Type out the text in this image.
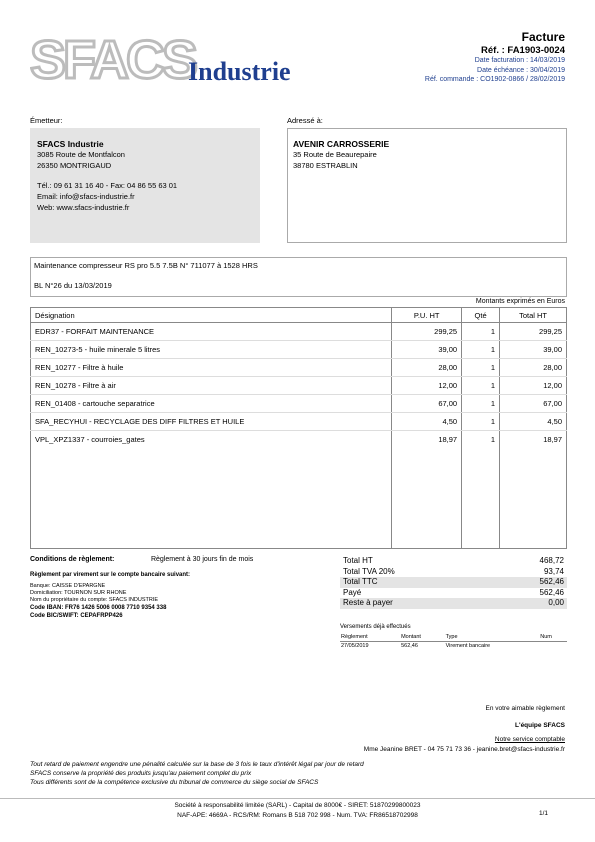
SFACS
Industrie
Facture
Réf. : FA1903-0024
Date facturation : 14/03/2019
Date échéance : 30/04/2019
Réf. commande : CO1902-0866 / 28/02/2019
Émetteur:	Adressé à:
SFACS Industrie
3085 Route de Montfalcon
26350 MONTRIGAUD
Tél.: 09 61 31 16 40 - Fax: 04 86 55 63 01
Email: info@sfacs-industrie.fr
Web: www.sfacs-industrie.fr
AVENIR CARROSSERIE
35 Route de Beaurepaire
38780 ESTRABLIN
Maintenance compresseur RS pro 5.5 7.5B N° 711077 à 1528 HRS
BL N°26 du 13/03/2019
Montants exprimés en Euros
Désignation	P.U. HT	Qté	Total HT
EDR37 - FORFAIT MAINTENANCE	299,25	1	299,25
REN_10273-5 - huile minerale 5 litres	39,00	1	39,00
REN_10277 - Filtre à huile	28,00	1	28,00
REN_10278 - Filtre à air	12,00	1	12,00
REN_01408 - cartouche separatrice	67,00	1	67,00
SFA_RECYHUI - RECYCLAGE DES DIFF FILTRES ET HUILE	4,50	1	4,50
VPL_XPZ1337 - courroies_gates	18,97	1	18,97

Conditions de règlement:	Règlement à 30 jours fin de mois
Règlement par virement sur le compte bancaire suivant:
Banque: CAISSE D'EPARGNE
Domiciliation: TOURNON SUR RHONE
Nom du propriétaire du compte: SFACS INDUSTRIE
Code IBAN: FR76 1426 5006 0008 7710 9354 338
Code BIC/SWIFT: CEPAFRPP426
Total HT	468,72
Total TVA 20%	93,74
Total TTC	562,46
Payé	562,46
Reste à payer	0,00
Versements déjà effectués
Règlement	Montant	Type	Num
27/05/2019	562,46	Virement bancaire	
En votre aimable règlement
L'équipe SFACS
Notre service comptable
Mme Jeanine BRET - 04 75 71 73 36 - jeanine.bret@sfacs-industrie.fr
Tout retard de paiement engendre une pénalité calculée sur la base de 3 fois le taux d'intérêt légal par jour de retard
SFACS conserve la propriété des produits jusqu'au paiement complet du prix
Tous différents sont de la compétence exclusive du tribunal de commerce du siège social de SFACS
Société à responsabilité limitée (SARL) - Capital de 8000€ - SIRET: 51870299800023
NAF-APE: 4669A - RCS/RM: Romans B 518 702 998 - Num. TVA: FR86518702998	1/1
